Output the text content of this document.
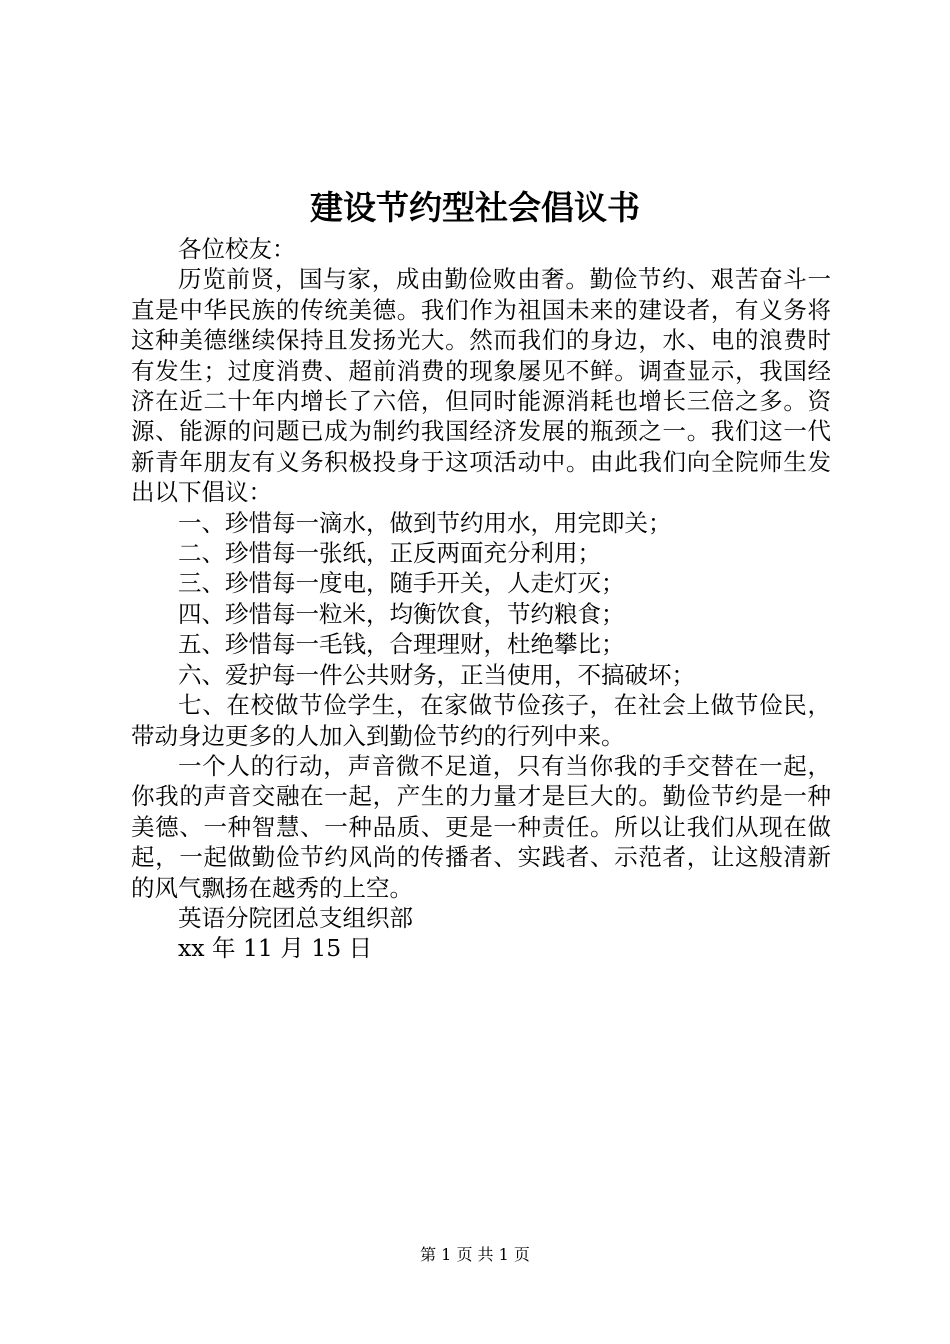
建设节约型社会倡议书

各位校友：

历览前贤，国与家，成由勤俭败由奢。勤俭节约、艰苦奋斗一直是中华民族的传统美德。我们作为祖国未来的建设者，有义务将这种美德继续保持且发扬光大。然而我们的身边，水、电的浪费时有发生；过度消费、超前消费的现象屡见不鲜。调查显示，我国经济在近二十年内增长了六倍，但同时能源消耗也增长三倍之多。资源、能源的问题已成为制约我国经济发展的瓶颈之一。我们这一代新青年朋友有义务积极投身于这项活动中。由此我们向全院师生发出以下倡议：

一、珍惜每一滴水，做到节约用水，用完即关；

二、珍惜每一张纸，正反两面充分利用；

三、珍惜每一度电，随手开关，人走灯灭；

四、珍惜每一粒米，均衡饮食，节约粮食；

五、珍惜每一毛钱，合理理财，杜绝攀比；

六、爱护每一件公共财务，正当使用，不搞破坏；

七、在校做节俭学生，在家做节俭孩子，在社会上做节俭民，带动身边更多的人加入到勤俭节约的行列中来。

一个人的行动，声音微不足道，只有当你我的手交替在一起，你我的声音交融在一起，产生的力量才是巨大的。勤俭节约是一种美德、一种智慧、一种品质、更是一种责任。所以让我们从现在做起，一起做勤俭节约风尚的传播者、实践者、示范者，让这般清新的风气飘扬在越秀的上空。

英语分院团总支组织部

xx 年 11 月 15 日

第 1 页 共 1 页
